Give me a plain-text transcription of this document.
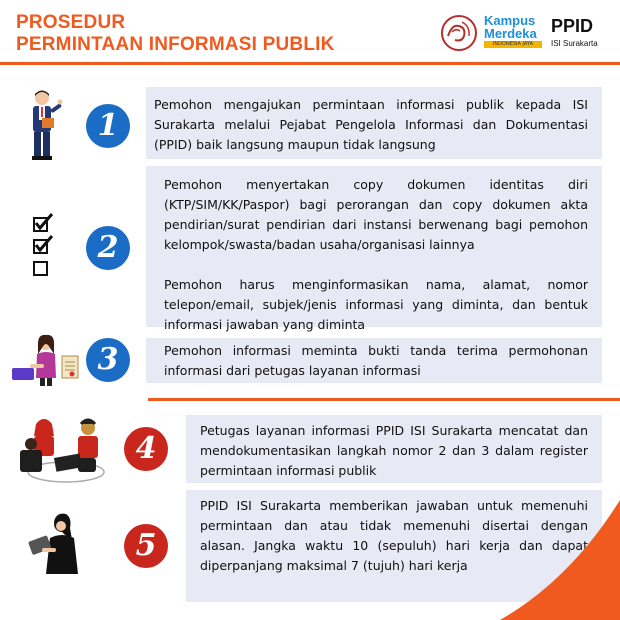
PROSEDUR
PERMINTAAN INFORMASI PUBLIK
Kampus
Merdeka
INDONESIA JAYA
PPID
ISI Surakarta
1

Pemohon mengajukan permintaan informasi publik kepada ISI Surakarta melalui Pejabat Pengelola Informasi dan Dokumentasi (PPID) baik langsung maupun tidak langsung

2

Pemohon menyertakan copy dokumen identitas diri (KTP/SIM/KK/Paspor) bagi perorangan dan copy dokumen akta pendirian/surat pendirian dari instansi berwenang bagi pemohon kelompok/swasta/badan usaha/organisasi lainnya

Pemohon harus menginformasikan nama, alamat, nomor telepon/email, subjek/jenis informasi yang diminta, dan bentuk informasi jawaban yang diminta

3	Pemohon informasi meminta bukti tanda terima permohonan informasi dari petugas layanan informasi

4

Petugas layanan informasi PPID ISI Surakarta mencatat dan mendokumentasikan langkah nomor 2 dan 3 dalam register permintaan informasi publik

5

PPID ISI Surakarta memberikan jawaban untuk memenuhi permintaan dan atau tidak memenuhi disertai dengan alasan. Jangka waktu 10 (sepuluh) hari kerja dan dapat diperpanjang maksimal 7 (tujuh) hari kerja
